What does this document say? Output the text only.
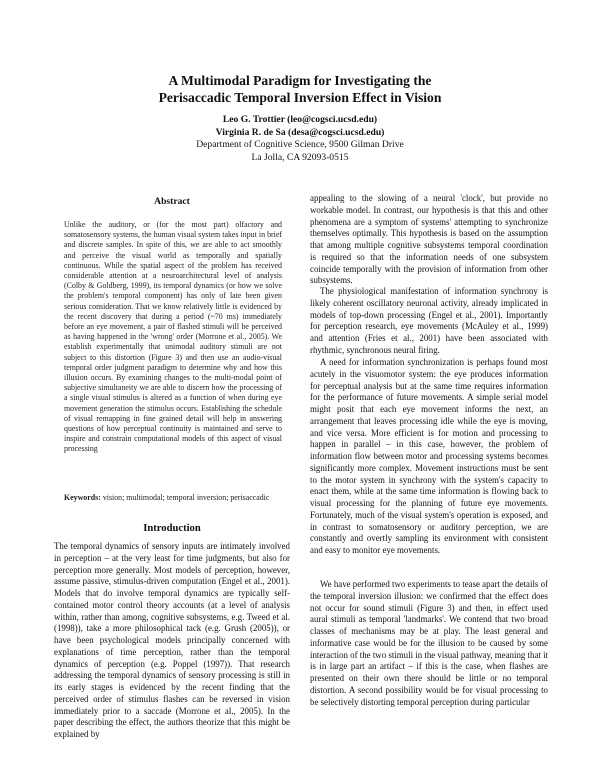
A Multimodal Paradigm for Investigating the
Perisaccadic Temporal Inversion Effect in Vision
Leo G. Trottier (leo@cogsci.ucsd.edu)
Virginia R. de Sa (desa@cogsci.ucsd.edu)
Department of Cognitive Science, 9500 Gilman Drive
La Jolla, CA 92093-0515
Abstract
Unlike the auditory, or (for the most part) olfactory and somatosensory systems, the human visual system takes input in brief and discrete samples. In spite of this, we are able to act smoothly and perceive the visual world as temporally and spatially continuous. While the spatial aspect of the problem has received considerable attention at a neuroarchitectural level of analysis (Colby & Goldberg, 1999), its temporal dynamics (or how we solve the problem's temporal component) has only of late been given serious consideration. That we know relatively little is evidenced by the recent discovery that during a period (~70 ms) immediately before an eye movement, a pair of flashed stimuli will be perceived as having happened in the 'wrong' order (Morrone et al., 2005). We establish experimentally that unimodal auditory stimuli are not subject to this distortion (Figure 3) and then use an audio-visual temporal order judgment paradigm to determine why and how this illusion occurs. By examining changes to the multi-modal point of subjective simultaneity we are able to discern how the processing of a single visual stimulus is altered as a function of when during eye movement generation the stimulus occurs. Establishing the schedule of visual remapping in fine grained detail will help in answering questions of how perceptual continuity is maintained and serve to inspire and constrain computational models of this aspect of visual processing
Keywords: vision; multimodal; temporal inversion; perisaccadic
Introduction
The temporal dynamics of sensory inputs are intimately involved in perception – at the very least for time judgments, but also for perception more generally. Most models of perception, however, assume passive, stimulus-driven computation (Engel et al., 2001). Models that do involve temporal dynamics are typically self-contained motor control theory accounts (at a level of analysis within, rather than among, cognitive subsystems, e.g. Tweed et al. (1998)), take a more philosophical tack (e.g. Grush (2005)), or have been psychological models principally concerned with explanations of time perception, rather than the temporal dynamics of perception (e.g. Poppel (1997)). That research addressing the temporal dynamics of sensory processing is still in its early stages is evidenced by the recent finding that the perceived order of stimulus flashes can be reversed in vision immediately prior to a saccade (Morrone et al., 2005). In the paper describing the effect, the authors theorize that this might be explained by
appealing to the slowing of a neural 'clock', but provide no workable model. In contrast, our hypothesis is that this and other phenomena are a symptom of systems' attempting to synchronize themselves optimally. This hypothesis is based on the assumption that among multiple cognitive subsystems temporal coordination is required so that the information needs of one subsystem coincide temporally with the provision of information from other subsystems.
The physiological manifestation of information synchrony is likely coherent oscillatory neuronal activity, already implicated in models of top-down processing (Engel et al., 2001). Importantly for perception research, eye movements (McAuley et al., 1999) and attention (Fries et al., 2001) have been associated with rhythmic, synchronous neural firing.
A need for information synchronization is perhaps found most acutely in the visuomotor system: the eye produces information for perceptual analysis but at the same time requires information for the performance of future movements. A simple serial model might posit that each eye movement informs the next, an arrangement that leaves processing idle while the eye is moving, and vice versa. More efficient is for motion and processing to happen in parallel – in this case, however, the problem of information flow between motor and processing systems becomes significantly more complex. Movement instructions must be sent to the motor system in synchrony with the system's capacity to enact them, while at the same time information is flowing back to visual processing for the planning of future eye movements. Fortunately, much of the visual system's operation is exposed, and in contrast to somatosensory or auditory perception, we are constantly and overtly sampling its environment with consistent and easy to monitor eye movements.
We have performed two experiments to tease apart the details of the temporal inversion illusion: we confirmed that the effect does not occur for sound stimuli (Figure 3) and then, in effect used aural stimuli as temporal 'landmarks'. We contend that two broad classes of mechanisms may be at play. The least general and informative case would be for the illusion to be caused by some interaction of the two stimuli in the visual pathway, meaning that it is in large part an artifact – if this is the case, when flashes are presented on their own there should be little or no temporal distortion. A second possibility would be for visual processing to be selectively distorting temporal perception during particular
